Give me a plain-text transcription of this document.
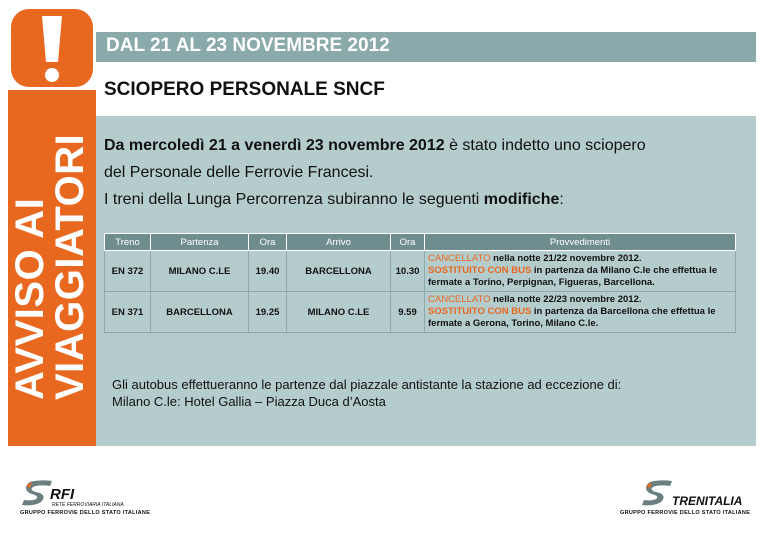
AVVISO AI
VIAGGIATORI
DAL 21 AL 23 NOVEMBRE 2012
SCIOPERO PERSONALE SNCF

Da mercoledì 21 a venerdì 23 novembre 2012 è stato indetto uno sciopero

del Personale delle Ferrovie Francesi.

I treni della Lunga Percorrenza subiranno le seguenti modifiche:

Treno	Partenza	Ora	Arrivo	Ora	Provvedimenti
EN 372	MILANO C.LE	19.40	BARCELLONA	10.30	CANCELLATO nella notte 21/22 novembre 2012.
SOSTITUITO CON BUS in partenza da Milano C.le che effettua le fermate a Torino, Perpignan, Figueras, Barcellona.

EN 371	BARCELLONA	19.25	MILANO C.LE	9.59	CANCELLATO nella notte 22/23 novembre 2012.
SOSTITUITO CON BUS in partenza da Barcellona che effettua le fermate a Gerona, Torino, Milano C.le.
Gli autobus effettueranno le partenze dal piazzale antistante la stazione ad eccezione di:
Milano C.le: Hotel Gallia – Piazza Duca d’Aosta
RFI
RETE FERROVIARIA ITALIANA
GRUPPO FERROVIE DELLO STATO ITALIANE
TRENITALIA
GRUPPO FERROVIE DELLO STATO ITALIANE
